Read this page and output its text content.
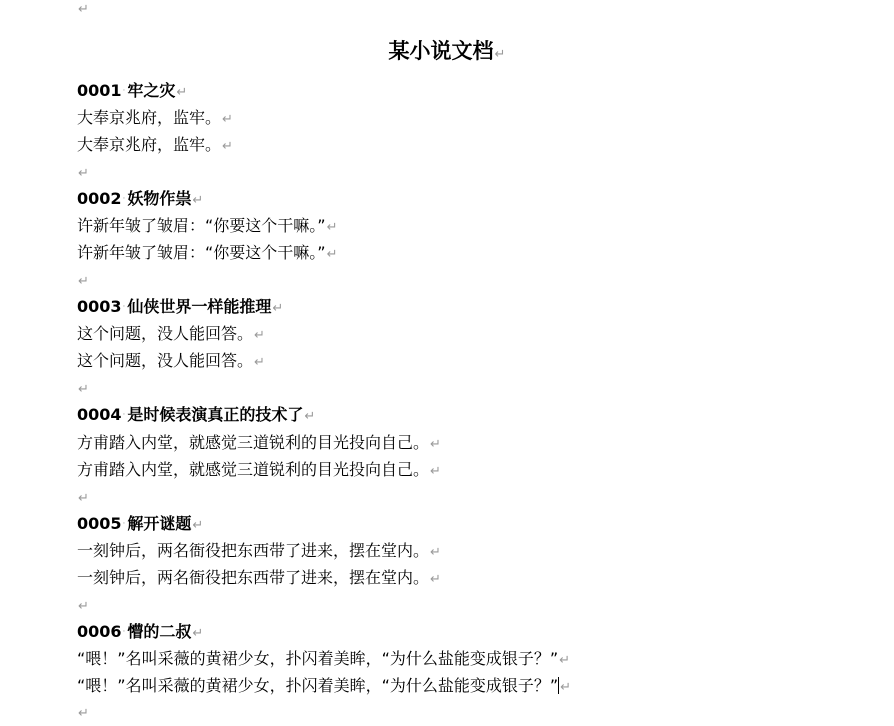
↵
某小说文档↵
0001· 牢之灾↵
大奉京兆府，监牢。↵
大奉京兆府，监牢。↵
↵
0002· 妖物作祟↵
许新年皱了皱眉：“你要这个干嘛。”↵
许新年皱了皱眉：“你要这个干嘛。”↵
↵
0003· 仙侠世界一样能推理↵
这个问题，没人能回答。↵
这个问题，没人能回答。↵
↵
0004· 是时候表演真正的技术了↵
方甫踏入内堂，就感觉三道锐利的目光投向自己。↵
方甫踏入内堂，就感觉三道锐利的目光投向自己。↵
↵
0005· 解开谜题↵
一刻钟后，两名衙役把东西带了进来，摆在堂内。↵
一刻钟后，两名衙役把东西带了进来，摆在堂内。↵
↵
0006· 懵的二叔↵
“喂！”名叫采薇的黄裙少女，扑闪着美眸，“为什么盐能变成银子？”↵
“喂！”名叫采薇的黄裙少女，扑闪着美眸，“为什么盐能变成银子？” ↵
↵
